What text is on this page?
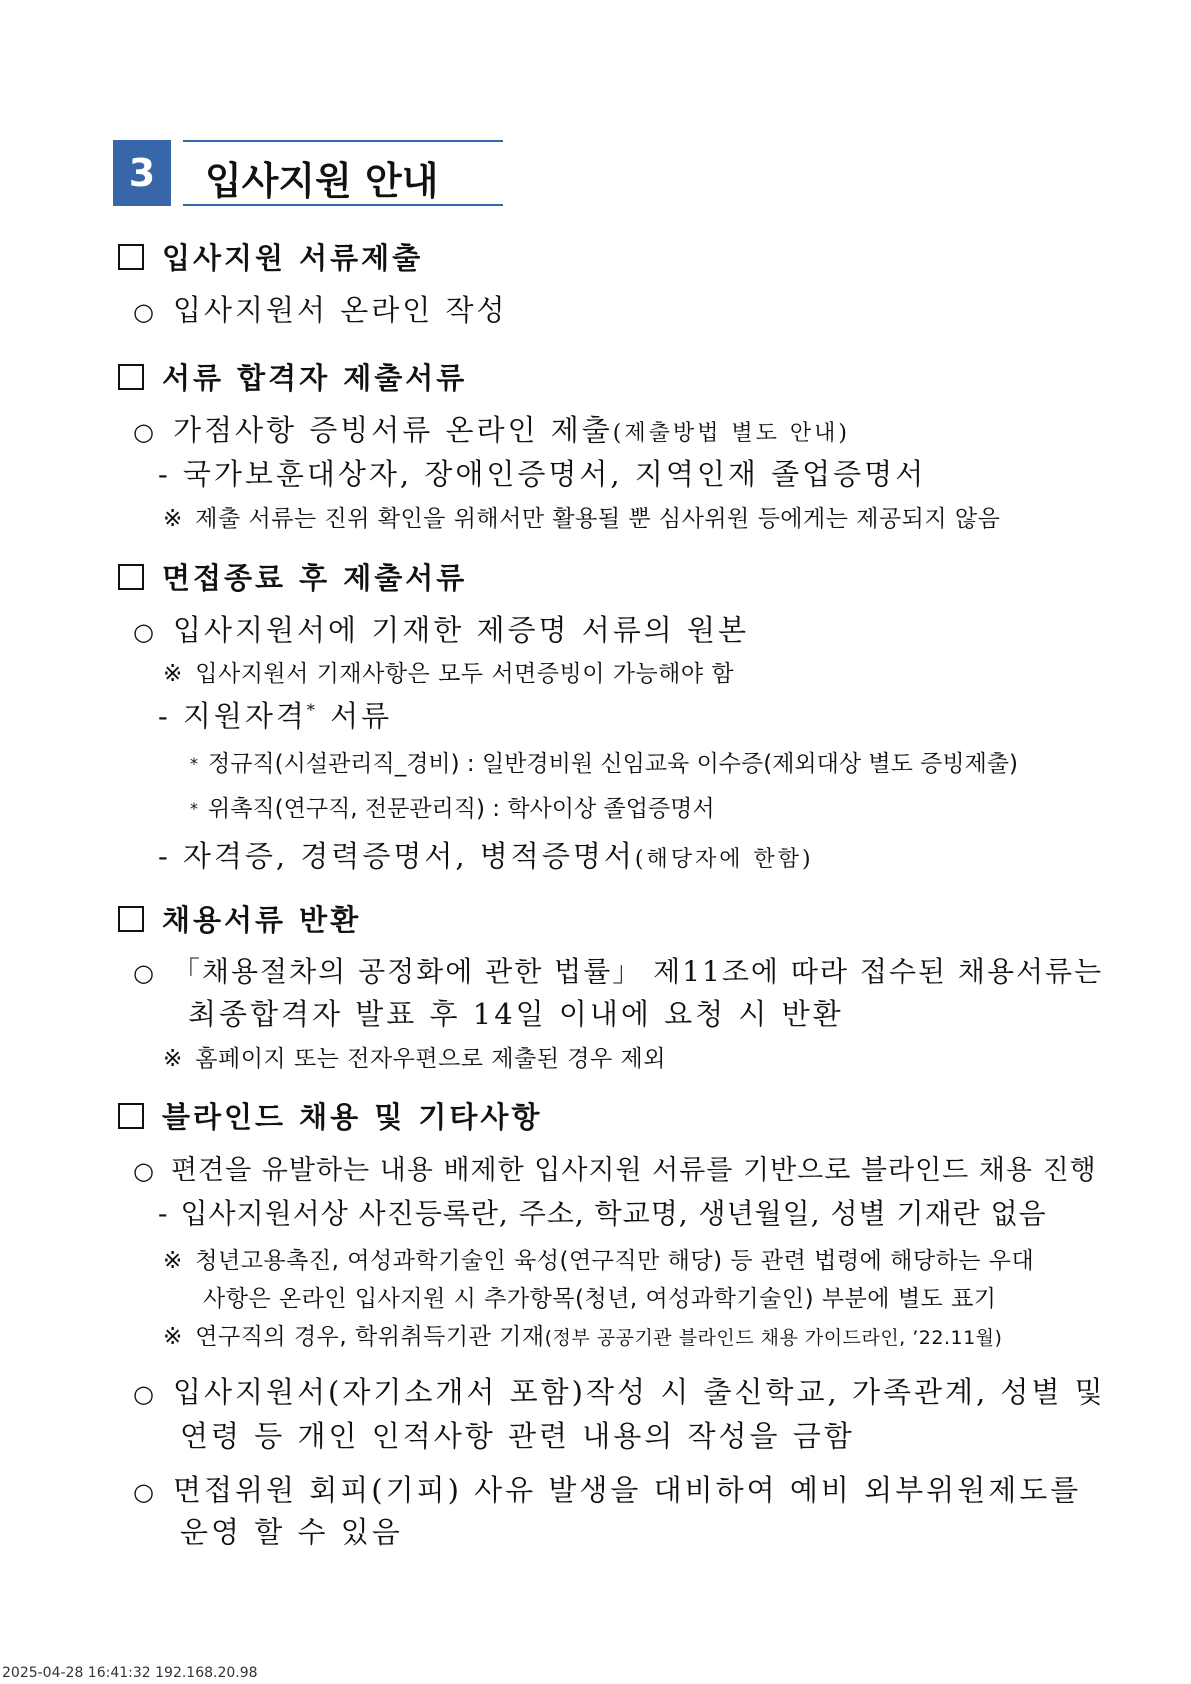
3	입사지원 안내
입사지원 서류제출
○ 입사지원서 온라인 작성
서류 합격자 제출서류
○ 가점사항 증빙서류 온라인 제출(제출방법 별도 안내)
- 국가보훈대상자, 장애인증명서, 지역인재 졸업증명서
※ 제출 서류는 진위 확인을 위해서만 활용될 뿐 심사위원 등에게는 제공되지 않음
면접종료 후 제출서류
○ 입사지원서에 기재한 제증명 서류의 원본
※ 입사지원서 기재사항은 모두 서면증빙이 가능해야 함
- 지원자격* 서류
* 정규직(시설관리직_경비) : 일반경비원 신임교육 이수증(제외대상 별도 증빙제출)
* 위촉직(연구직, 전문관리직) : 학사이상 졸업증명서
- 자격증, 경력증명서, 병적증명서(해당자에 한함)
채용서류 반환
○ 「채용절차의 공정화에 관한 법률」 제11조에 따라 접수된 채용서류는
최종합격자 발표 후 14일 이내에 요청 시 반환
※ 홈페이지 또는 전자우편으로 제출된 경우 제외
블라인드 채용 및 기타사항
○ 편견을 유발하는 내용 배제한 입사지원 서류를 기반으로 블라인드 채용 진행
- 입사지원서상 사진등록란, 주소, 학교명, 생년월일, 성별 기재란 없음
※ 청년고용촉진, 여성과학기술인 육성(연구직만 해당) 등 관련 법령에 해당하는 우대
사항은 온라인 입사지원 시 추가항목(청년, 여성과학기술인) 부분에 별도 표기
※ 연구직의 경우, 학위취득기관 기재(정부 공공기관 블라인드 채용 가이드라인, ’22.11월)
○ 입사지원서(자기소개서 포함)작성 시 출신학교, 가족관계, 성별 및
연령 등 개인 인적사항 관련 내용의 작성을 금함
○ 면접위원 회피(기피) 사유 발생을 대비하여 예비 외부위원제도를
운영 할 수 있음
2025-04-28 16:41:32 192.168.20.98
